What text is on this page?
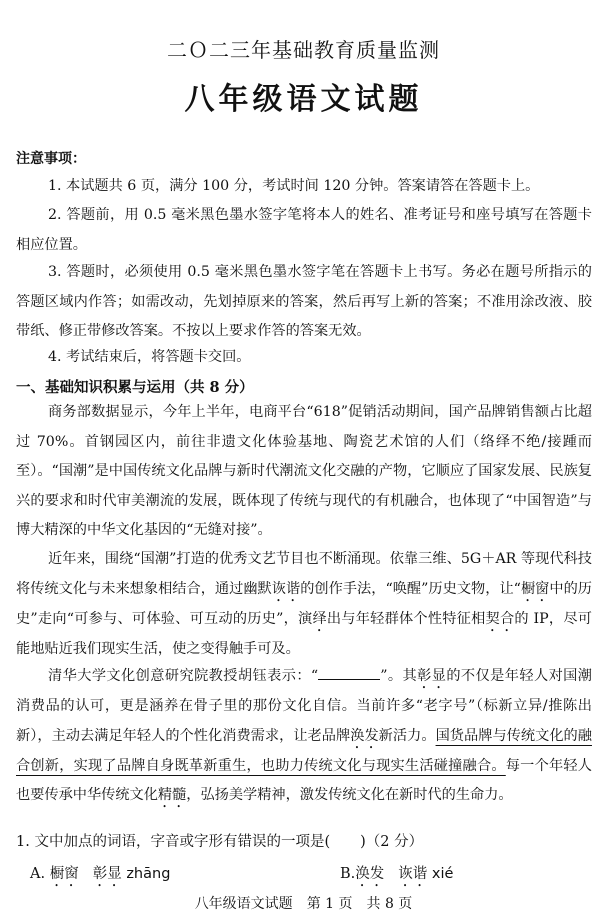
二Ｏ二三年基础教育质量监测
八年级语文试题
注意事项：
1. 本试题共 6 页，满分 100 分，考试时间 120 分钟。答案请答在答题卡上。
2. 答题前，用 0.5 毫米黑色墨水签字笔将本人的姓名、准考证号和座号填写在答题卡相应位置。
3. 答题时，必须使用 0.5 毫米黑色墨水签字笔在答题卡上书写。务必在题号所指示的答题区域内作答；如需改动，先划掉原来的答案，然后再写上新的答案；不准用涂改液、胶带纸、修正带修改答案。不按以上要求作答的答案无效。
4. 考试结束后，将答题卡交回。
一、基础知识积累与运用（共 8 分）
商务部数据显示，今年上半年，电商平台“618”促销活动期间，国产品牌销售额占比超过 70%。首钢园区内，前往非遗文化体验基地、陶瓷艺术馆的人们（络绎不绝/接踵而至）。“国潮”是中国传统文化品牌与新时代潮流文化交融的产物，它顺应了国家发展、民族复兴的要求和时代审美潮流的发展，既体现了传统与现代的有机融合，也体现了“中国智造”与博大精深的中华文化基因的“无缝对接”。
近年来，围绕“国潮”打造的优秀文艺节目也不断涌现。依靠三维、5G＋AR 等现代科技将传统文化与未来想象相结合，通过幽默诙谐的创作手法，“唤醒”历史文物，让“橱窗中的历史”走向“可参与、可体验、可互动的历史”，演绎出与年轻群体个性特征相契合的 IP，尽可能地贴近我们现实生活，使之变得触手可及。
清华大学文化创意研究院教授胡钰表示：“	”。其彰显的不仅是年轻人对国潮消费品的认可，更是涵养在骨子里的那份文化自信。当前许多“老字号”（标新立异/推陈出新），主动去满足年轻人的个性化消费需求，让老品牌涣发新活力。国货品牌与传统文化的融合创新，实现了品牌自身既革新重生，也助力传统文化与现实生活碰撞融合。每一个年轻人也要传承中华传统文化精髓，弘扬美学精神，激发传统文化在新时代的生命力。
1. 文中加点的词语，字音或字形有错误的一项是( )（2 分）
A. 橱窗 彰显 zhāng	B.涣发 诙谐 xié
八年级语文试题 第 1 页 共 8 页
